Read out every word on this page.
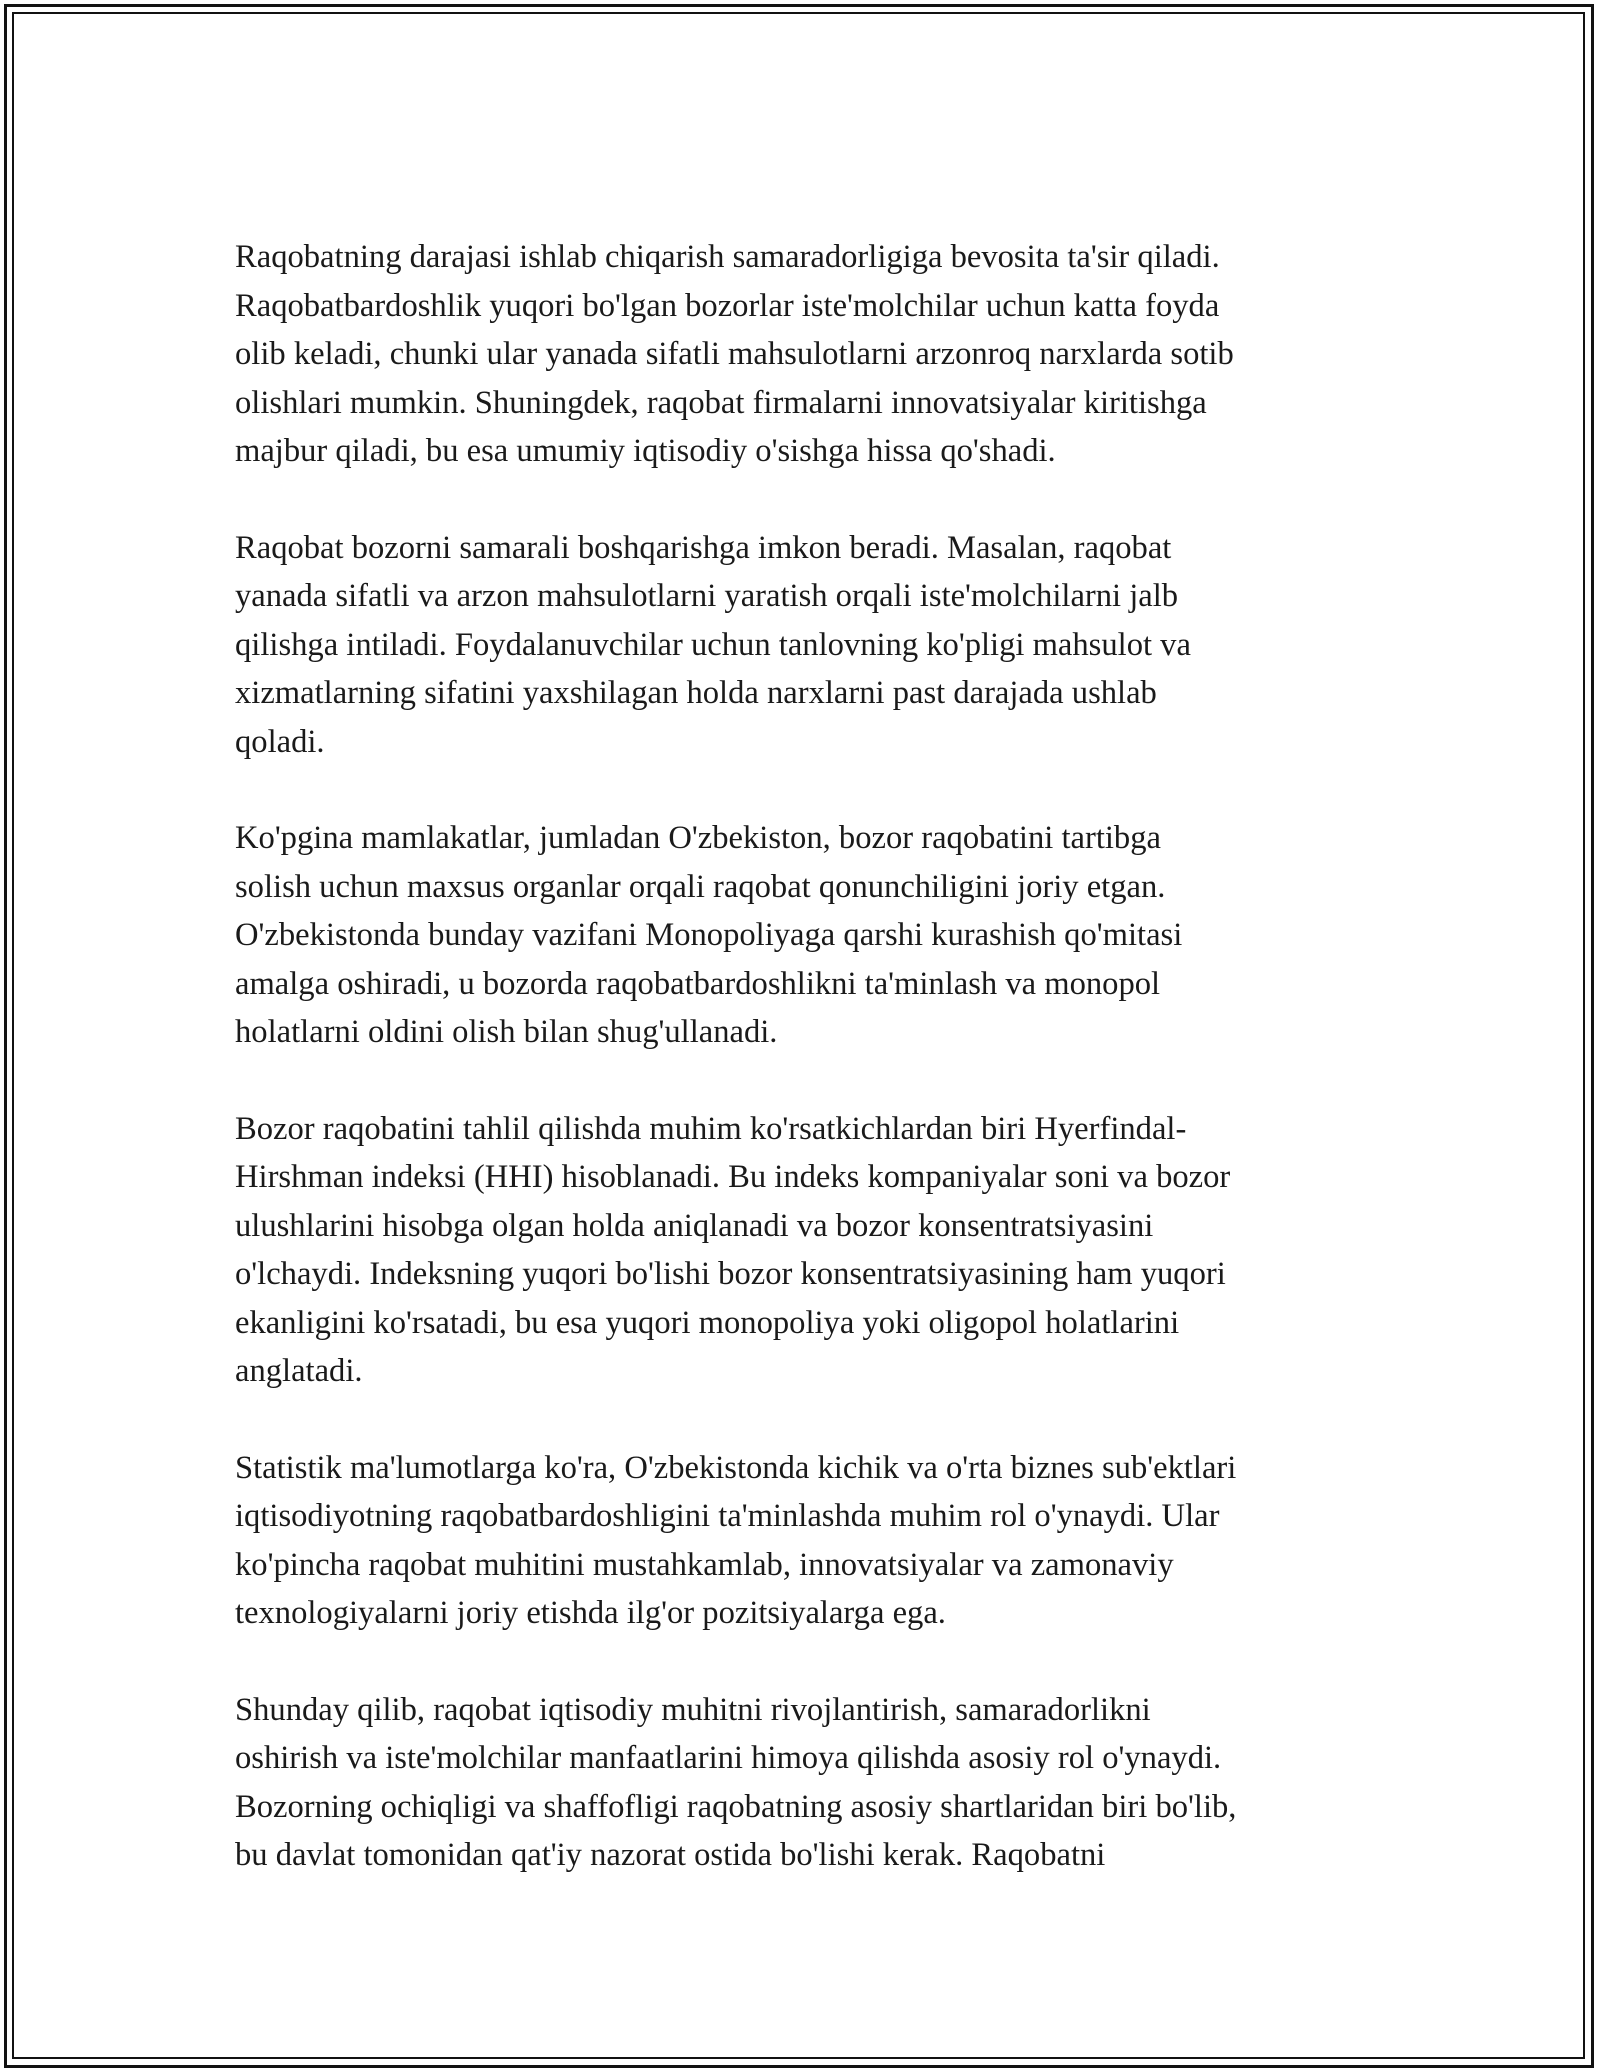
Raqobatning darajasi ishlab chiqarish samaradorligiga bevosita ta'sir qiladi.
Raqobatbardoshlik yuqori bo'lgan bozorlar iste'molchilar uchun katta foyda
olib keladi, chunki ular yanada sifatli mahsulotlarni arzonroq narxlarda sotib
olishlari mumkin. Shuningdek, raqobat firmalarni innovatsiyalar kiritishga
majbur qiladi, bu esa umumiy iqtisodiy o'sishga hissa qo'shadi.
Raqobat bozorni samarali boshqarishga imkon beradi. Masalan, raqobat
yanada sifatli va arzon mahsulotlarni yaratish orqali iste'molchilarni jalb
qilishga intiladi. Foydalanuvchilar uchun tanlovning ko'pligi mahsulot va
xizmatlarning sifatini yaxshilagan holda narxlarni past darajada ushlab
qoladi.
Ko'pgina mamlakatlar, jumladan O'zbekiston, bozor raqobatini tartibga
solish uchun maxsus organlar orqali raqobat qonunchiligini joriy etgan.
O'zbekistonda bunday vazifani Monopoliyaga qarshi kurashish qo'mitasi
amalga oshiradi, u bozorda raqobatbardoshlikni ta'minlash va monopol
holatlarni oldini olish bilan shug'ullanadi.
Bozor raqobatini tahlil qilishda muhim ko'rsatkichlardan biri Hyerfindal-
Hirshman indeksi (HHI) hisoblanadi. Bu indeks kompaniyalar soni va bozor
ulushlarini hisobga olgan holda aniqlanadi va bozor konsentratsiyasini
o'lchaydi. Indeksning yuqori bo'lishi bozor konsentratsiyasining ham yuqori
ekanligini ko'rsatadi, bu esa yuqori monopoliya yoki oligopol holatlarini
anglatadi.
Statistik ma'lumotlarga ko'ra, O'zbekistonda kichik va o'rta biznes sub'ektlari
iqtisodiyotning raqobatbardoshligini ta'minlashda muhim rol o'ynaydi. Ular
ko'pincha raqobat muhitini mustahkamlab, innovatsiyalar va zamonaviy
texnologiyalarni joriy etishda ilg'or pozitsiyalarga ega.
Shunday qilib, raqobat iqtisodiy muhitni rivojlantirish, samaradorlikni
oshirish va iste'molchilar manfaatlarini himoya qilishda asosiy rol o'ynaydi.
Bozorning ochiqligi va shaffofligi raqobatning asosiy shartlaridan biri bo'lib,
bu davlat tomonidan qat'iy nazorat ostida bo'lishi kerak. Raqobatni
